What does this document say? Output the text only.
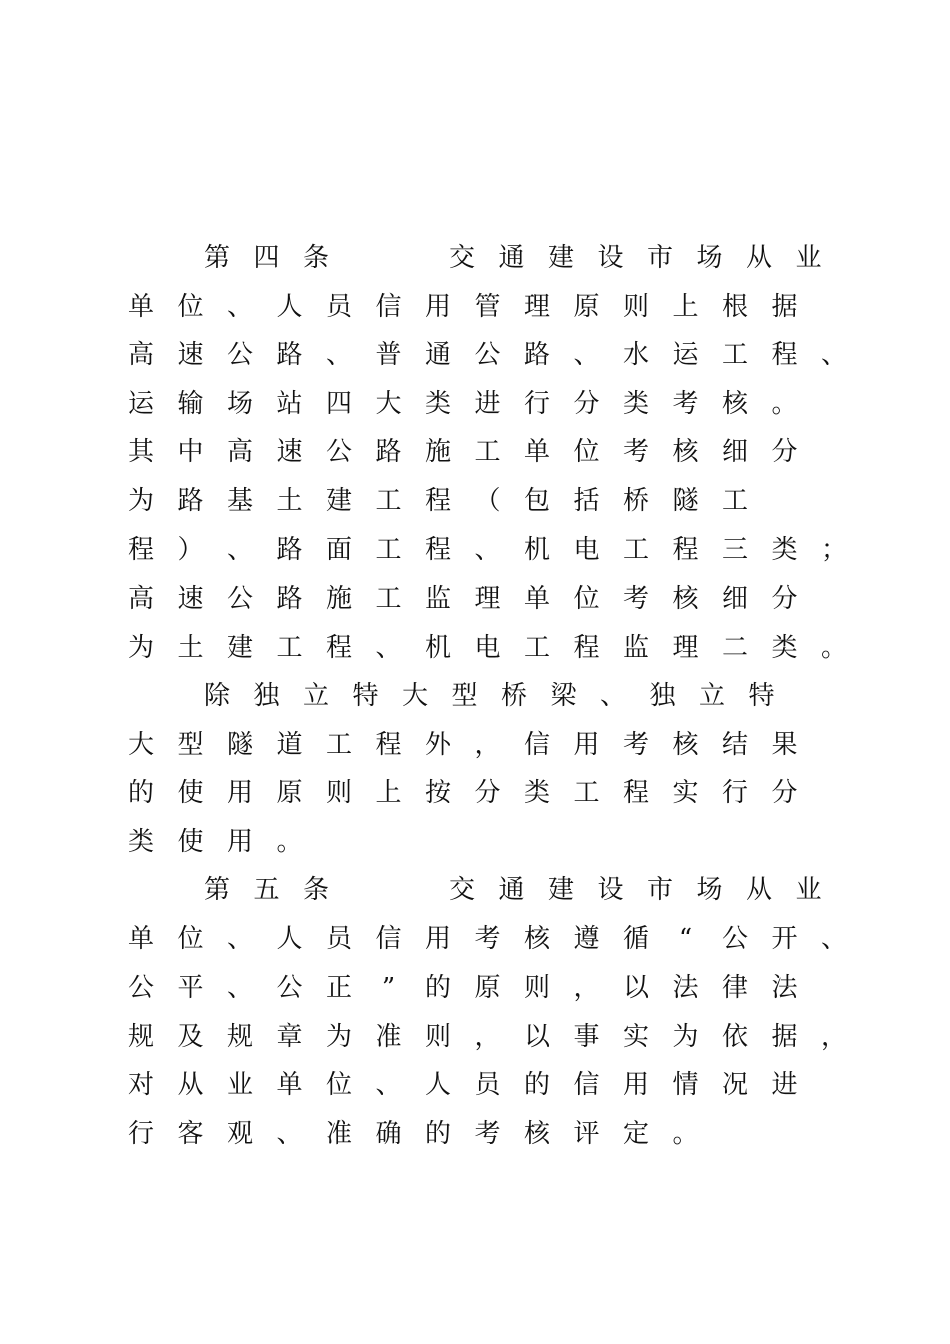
第 四 条	交 通 建 设 市 场 从 业
单 位 、 人 员 信 用 管 理 原 则 上 根 据
高 速 公 路 、 普 通 公 路 、 水 运 工 程 、
运 输 场 站 四 大 类 进 行 分 类 考 核 。
其 中 高 速 公 路 施 工 单 位 考 核 细 分
为 路 基 土 建 工 程 （ 包 括 桥 隧 工
程 ） 、 路 面 工 程 、 机 电 工 程 三 类 ；
高 速 公 路 施 工 监 理 单 位 考 核 细 分
为 土 建 工 程 、 机 电 工 程 监 理 二 类 。
除 独 立 特 大 型 桥 梁 、 独 立 特
大 型 隧 道 工 程 外 ， 信 用 考 核 结 果
的 使 用 原 则 上 按 分 类 工 程 实 行 分
类 使 用 。
第 五 条	交 通 建 设 市 场 从 业
单 位 、 人 员 信 用 考 核 遵 循 “ 公 开 、
公 平 、 公 正 ” 的 原 则 ， 以 法 律 法
规 及 规 章 为 准 则 ， 以 事 实 为 依 据 ，
对 从 业 单 位 、 人 员 的 信 用 情 况 进
行 客 观 、 准 确 的 考 核 评 定 。
